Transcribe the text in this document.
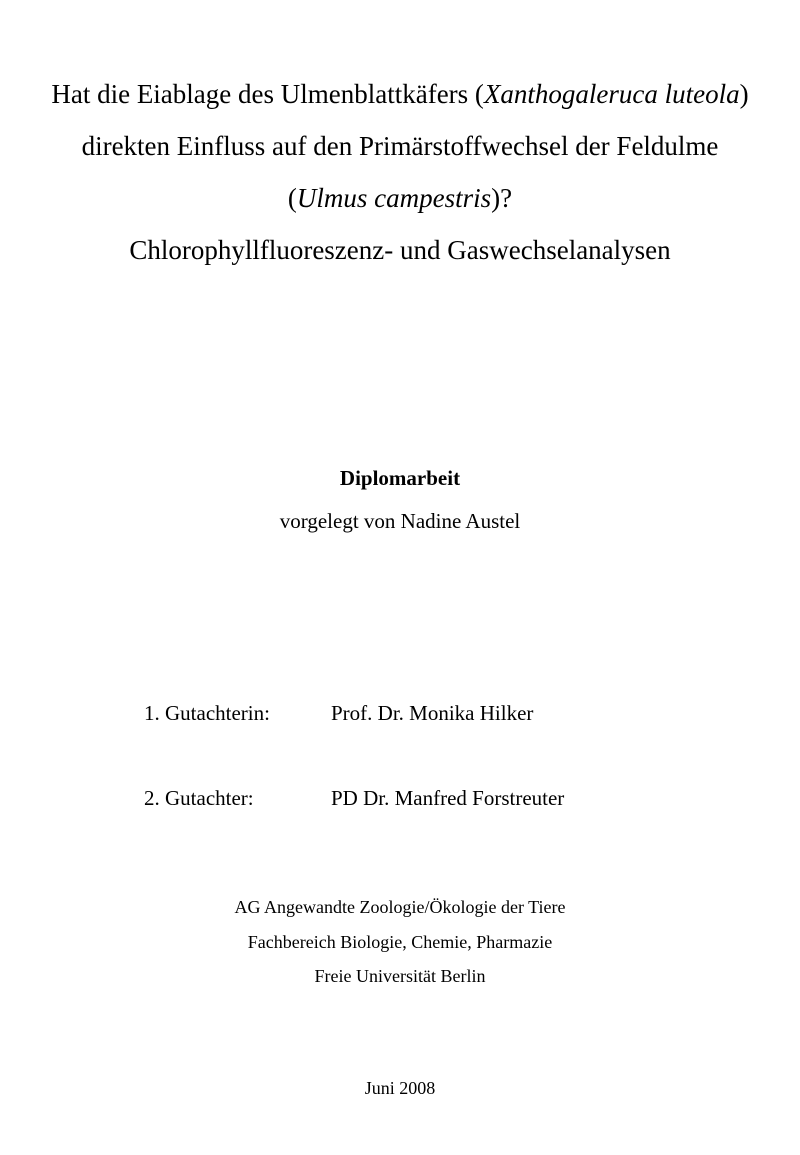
Hat die Eiablage des Ulmenblattkäfers (Xanthogaleruca luteola)
direkten Einfluss auf den Primärstoffwechsel der Feldulme
(Ulmus campestris)?
Chlorophyllfluoreszenz- und Gaswechselanalysen
Diplomarbeit
vorgelegt von Nadine Austel
1. Gutachterin:	Prof. Dr. Monika Hilker
2. Gutachter:	PD Dr. Manfred Forstreuter
AG Angewandte Zoologie/Ökologie der Tiere
Fachbereich Biologie, Chemie, Pharmazie
Freie Universität Berlin
Juni 2008
